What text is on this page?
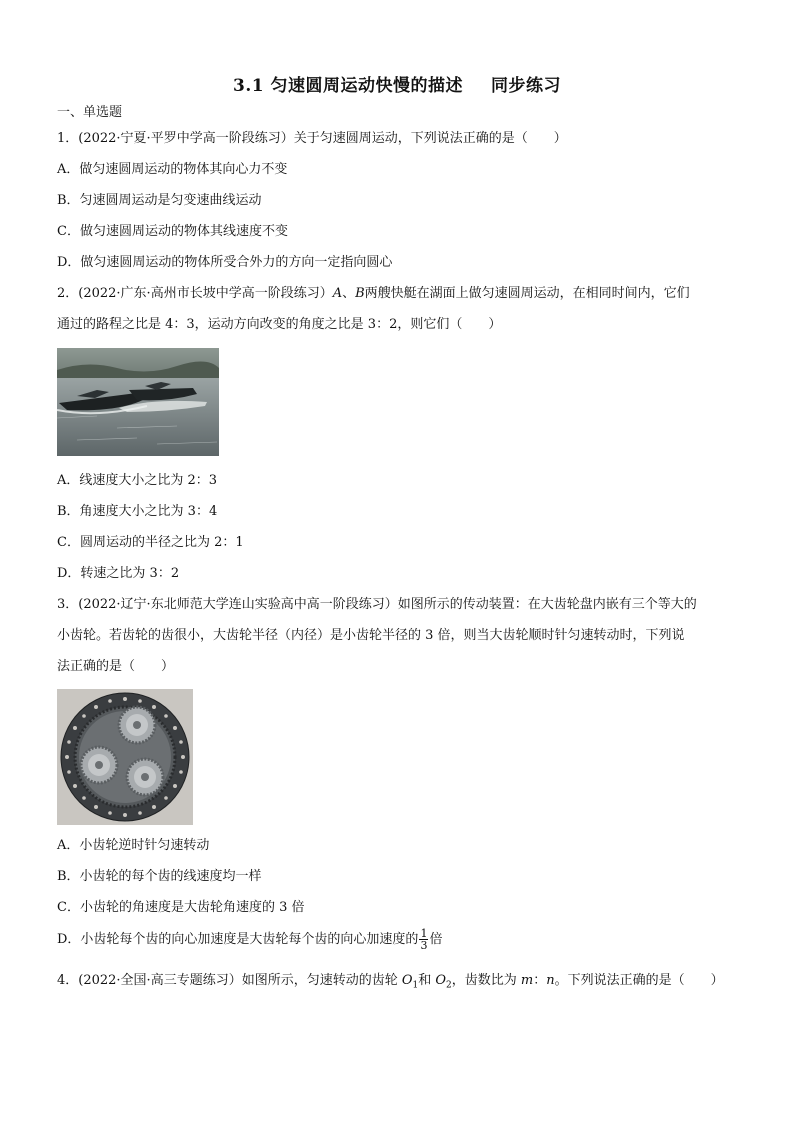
3.1 匀速圆周运动快慢的描述 同步练习
一、单选题
1．(2022·宁夏·平罗中学高一阶段练习）关于匀速圆周运动，下列说法正确的是（　　）
A．做匀速圆周运动的物体其向心力不变
B．匀速圆周运动是匀变速曲线运动
C．做匀速圆周运动的物体其线速度不变
D．做匀速圆周运动的物体所受合外力的方向一定指向圆心
2．(2022·广东·高州市长坡中学高一阶段练习）A、B两艘快艇在湖面上做匀速圆周运动，在相同时间内，它们
通过的路程之比是 4：3，运动方向改变的角度之比是 3：2，则它们（　　）
A．线速度大小之比为 2：3
B．角速度大小之比为 3：4
C．圆周运动的半径之比为 2：1
D．转速之比为 3：2
3．(2022·辽宁·东北师范大学连山实验高中高一阶段练习）如图所示的传动装置：在大齿轮盘内嵌有三个等大的
小齿轮。若齿轮的齿很小，大齿轮半径（内径）是小齿轮半径的 3 倍，则当大齿轮顺时针匀速转动时，下列说
法正确的是（　　）
A．小齿轮逆时针匀速转动
B．小齿轮的每个齿的线速度均一样
C．小齿轮的角速度是大齿轮角速度的 3 倍
D．小齿轮每个齿的向心加速度是大齿轮每个齿的向心加速度的 $\frac{1}{3}$ 倍
4．(2022·全国·高三专题练习）如图所示，匀速转动的齿轮 $O_1$和 $O_2$，齿数比为 m：n。下列说法正确的是（　　）
